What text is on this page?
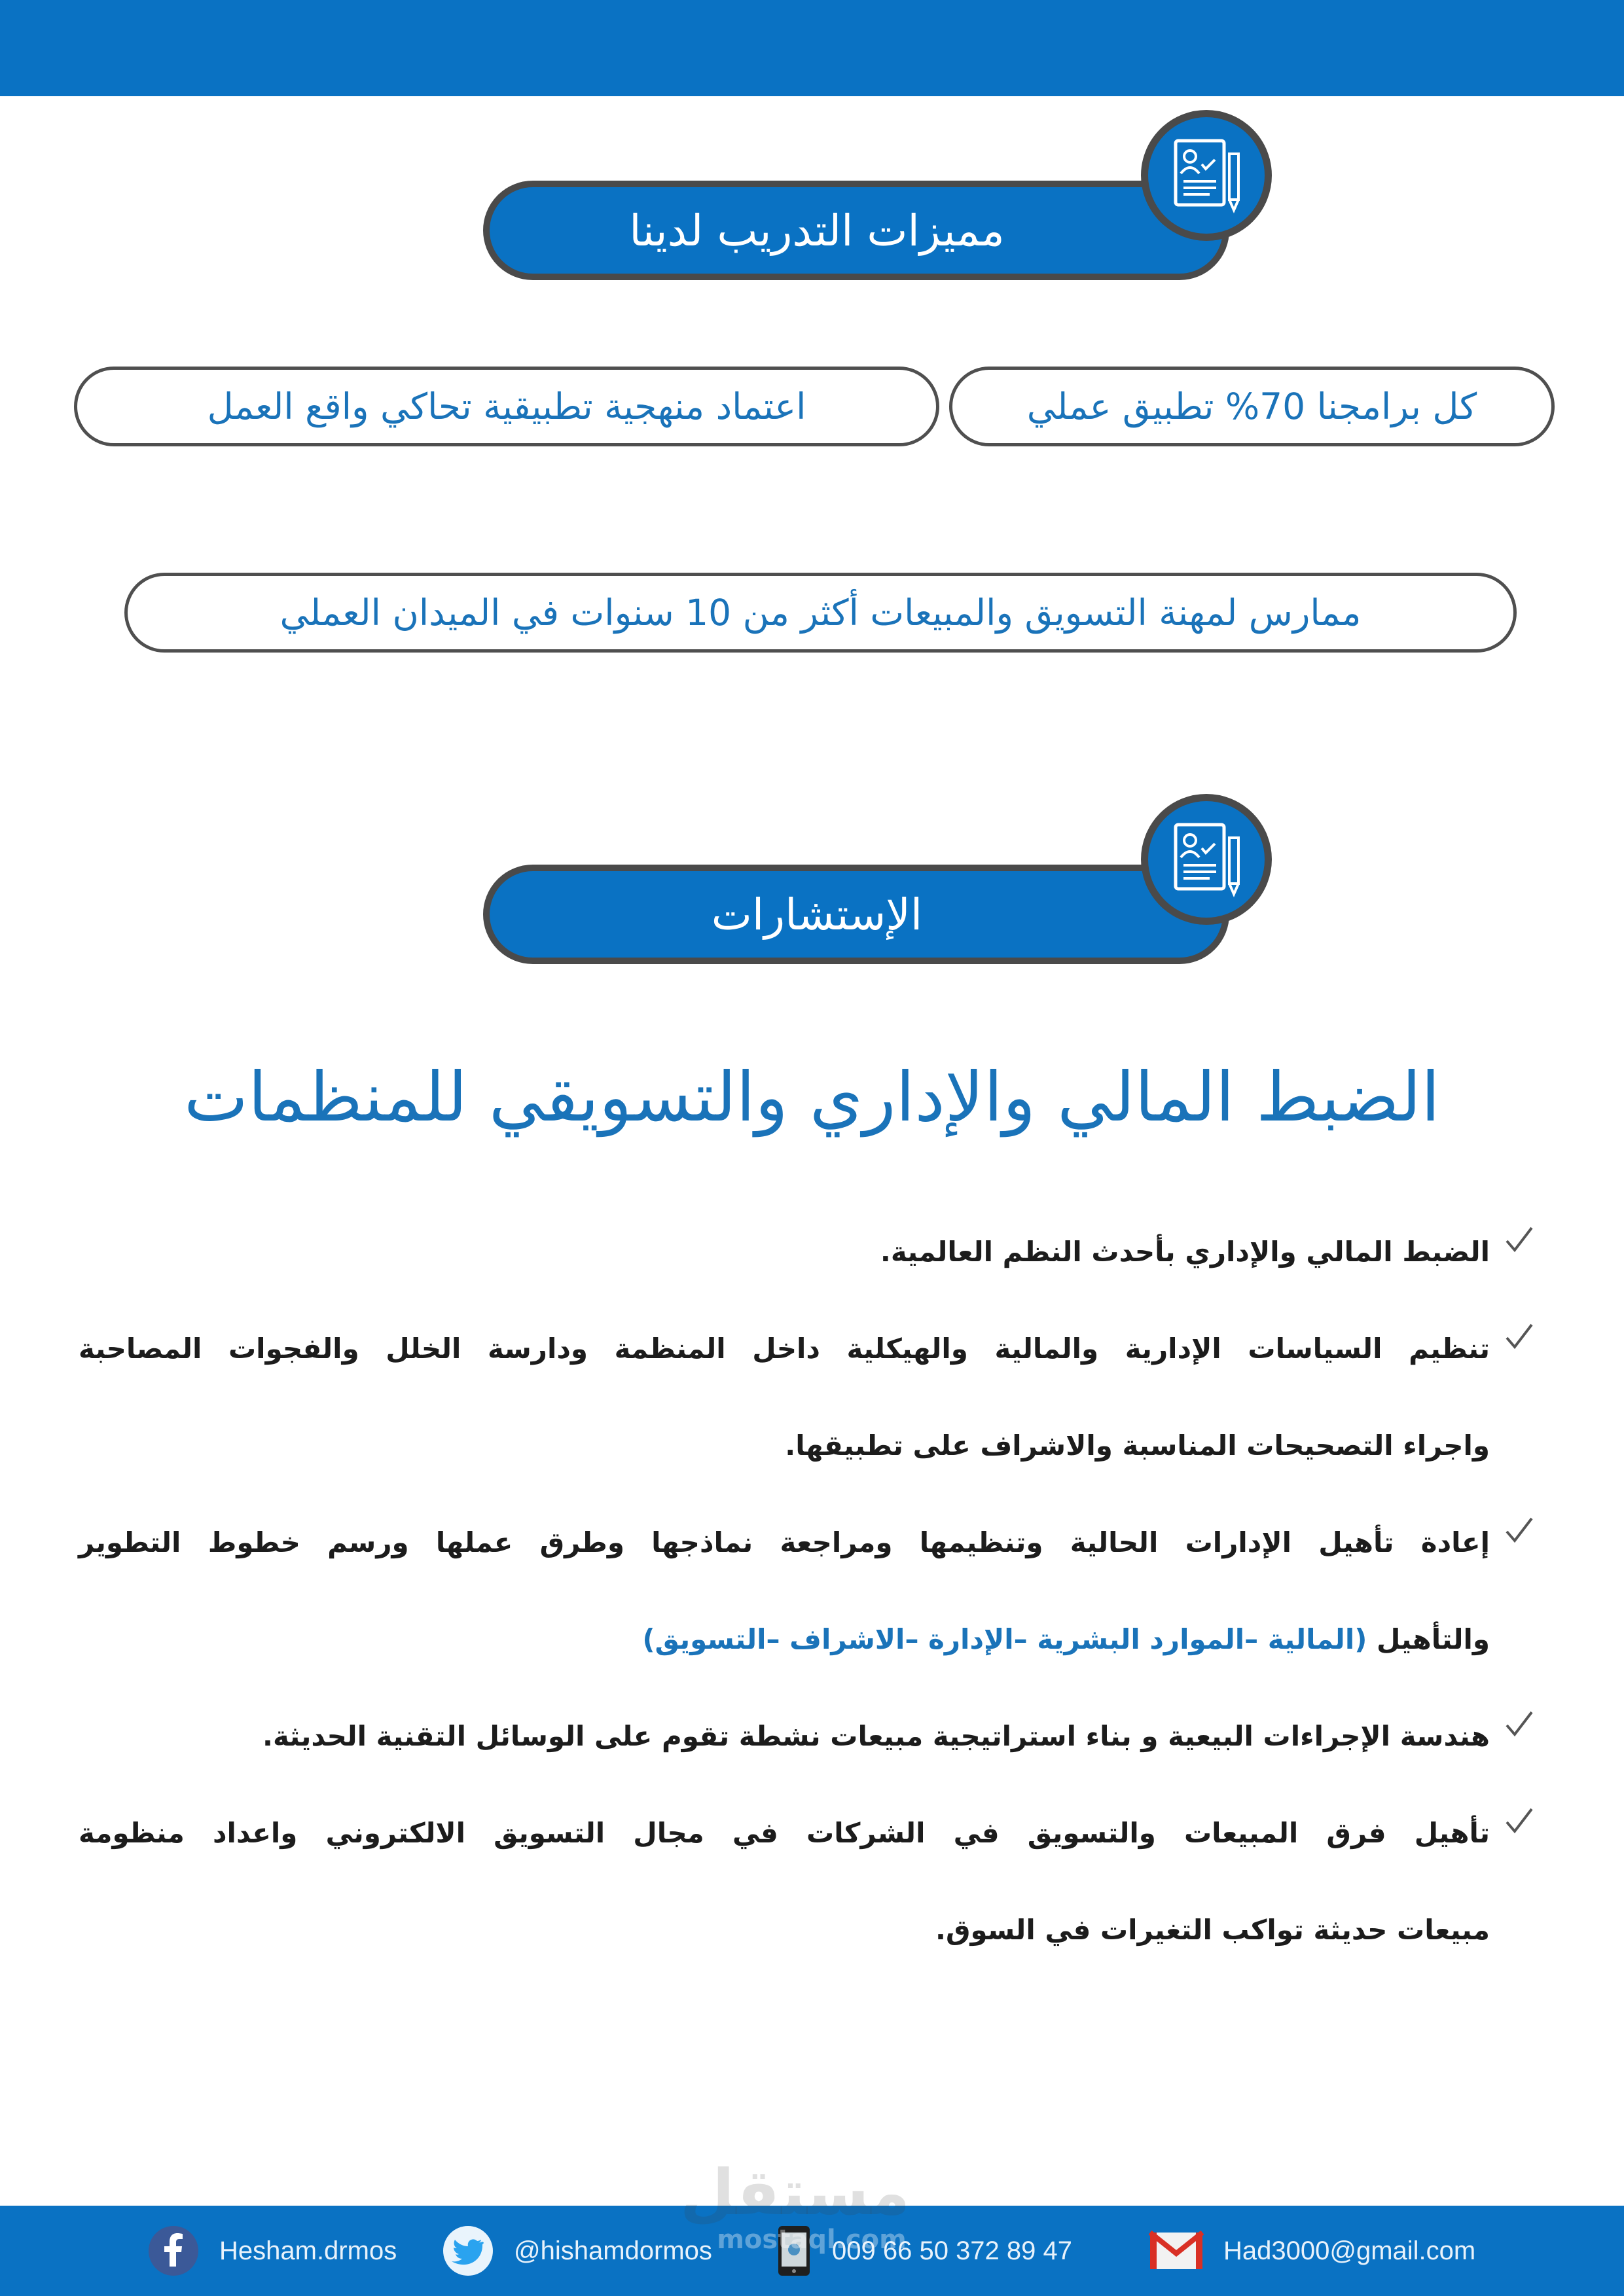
مميزات التدريب لدينا
كل برامجنا 70% تطبيق عملي
اعتماد منهجية تطبيقية تحاكي واقع العمل
ممارس لمهنة التسويق والمبيعات أكثر من 10 سنوات في الميدان العملي
الإستشارات
الضبط المالي والإداري والتسويقي للمنظمات
الضبط المالي والإداري بأحدث النظم العالمية.
تنظيم السياسات الإدارية والمالية والهيكلية داخل المنظمة ودارسة الخلل والفجوات المصاحبة
واجراء التصحيحات المناسبة والاشراف على تطبيقها.
إعادة تأهيل الإدارات الحالية وتنظيمها ومراجعة نماذجها وطرق عملها ورسم خطوط التطوير
والتأهيل (المالية –الموارد البشرية –الإدارة –الاشراف –التسويق)
هندسة الإجراءات البيعية و بناء استراتيجية مبيعات نشطة تقوم على الوسائل التقنية الحديثة.
تأهيل فرق المبيعات والتسويق في الشركات في مجال التسويق الالكتروني واعداد منظومة
مبيعات حديثة تواكب التغيرات في السوق.
Hesham.drmos	@hishamdormos	009 66 50 372 89 47	Had3000@gmail.com
مستقل
mostaql.com
